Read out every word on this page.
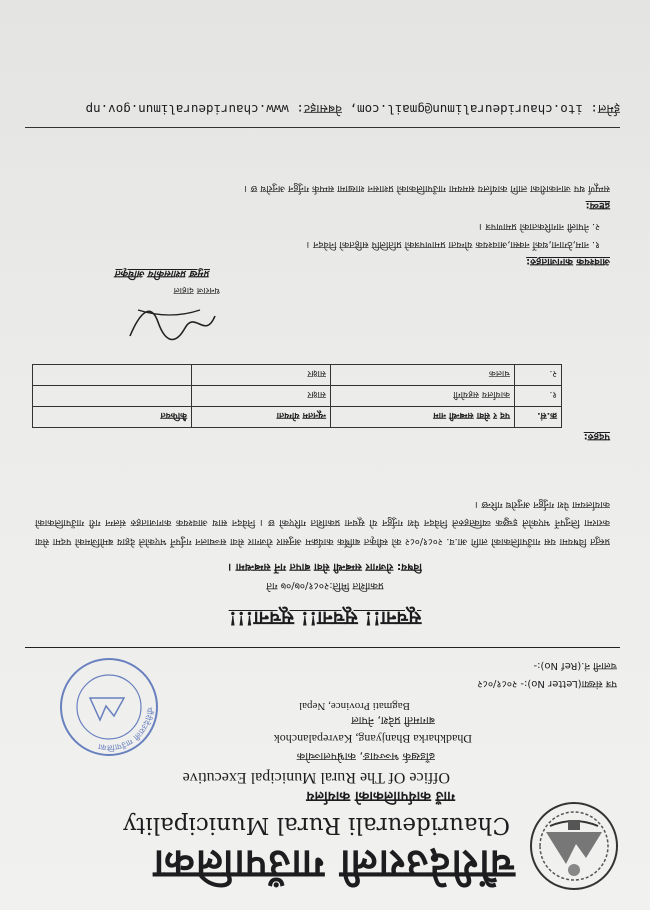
चौंरीदेउराली गाउँपालिका
Chaurideurali Rural Municipality
गाउँ कार्यपालिकाको कार्यालय
Office Of The Rural Municipal Executive
ढाँडखर्क भञ्ज्याङ, काभ्रेपलाञ्चोक
Dhadkharka Bhanjyang, Kavrepalanchok
बागमती प्रदेश, नेपाल
Bagmati Province, Nepal
चौंरीदेउराली गाउँपालिका
पत्र संख्या(Letter No):- २०८१/०८२
चलानी नं.(Ref No):-
सूचना!! सूचना!! सूचना!!!
प्रकाशित मिति:२०८१/०७/०७ गते
विषय: रोजगार सम्बन्धी सेवा बापत गर्ने सम्बन्धमा ।
प्रस्तुत विषयमा यस गाउँपालिकाको लागि आ.व. २०८१/०८२ को स्वीकृत बार्षिक कार्यक्रम अनुसार रोजगार सेवा सञ्चालन गर्नुपर्ने भएकोले देहाय बमोजिमको पदमा सेवा करारमा लिनुपर्ने भएकोले इच्छुक व्यक्तिहरुले निवेदन पेश गर्नुहुन यो सूचना प्रकाशित गरिएको छ । निवेदन साथ आवश्यक कागजातहरु संलग्न गरी गाउँपालिकाको कार्यालयमा पेश गर्नुहुन अनुरोध गरिन्छ ।
पदहरु:
क्र.सं.	पद र सेवा सम्बन्धी नाम	न्यूनतम योग्यता	कैफियत
१.	कार्यालय सहयोगी	साक्षर	
२.	चालक	साक्षर	
धनराज दाहाल
प्रमुख प्रशासकीय अधिकृत
आवश्यक कागजातहरु:
१. नाम,ठेगाना,थर्को नक्सा,आवश्यक योग्यता प्रमाणपत्रको प्रतिलिपि सहितको निवेदन ।
२. नेपाली नागरिकताको प्रमाणपत्र ।
द्रष्टव्य:
सम्पूर्ण थप जानकारीका लागि कार्यालय समयमा गाउँपालिकाको प्रशासन शाखामा सम्पर्क गर्नुहुन अनुरोध छ ।
ईमेल: ito.chaurideuralimun@gmail.com, वेबसाइट: www.chaurideuralimun.gov.np
